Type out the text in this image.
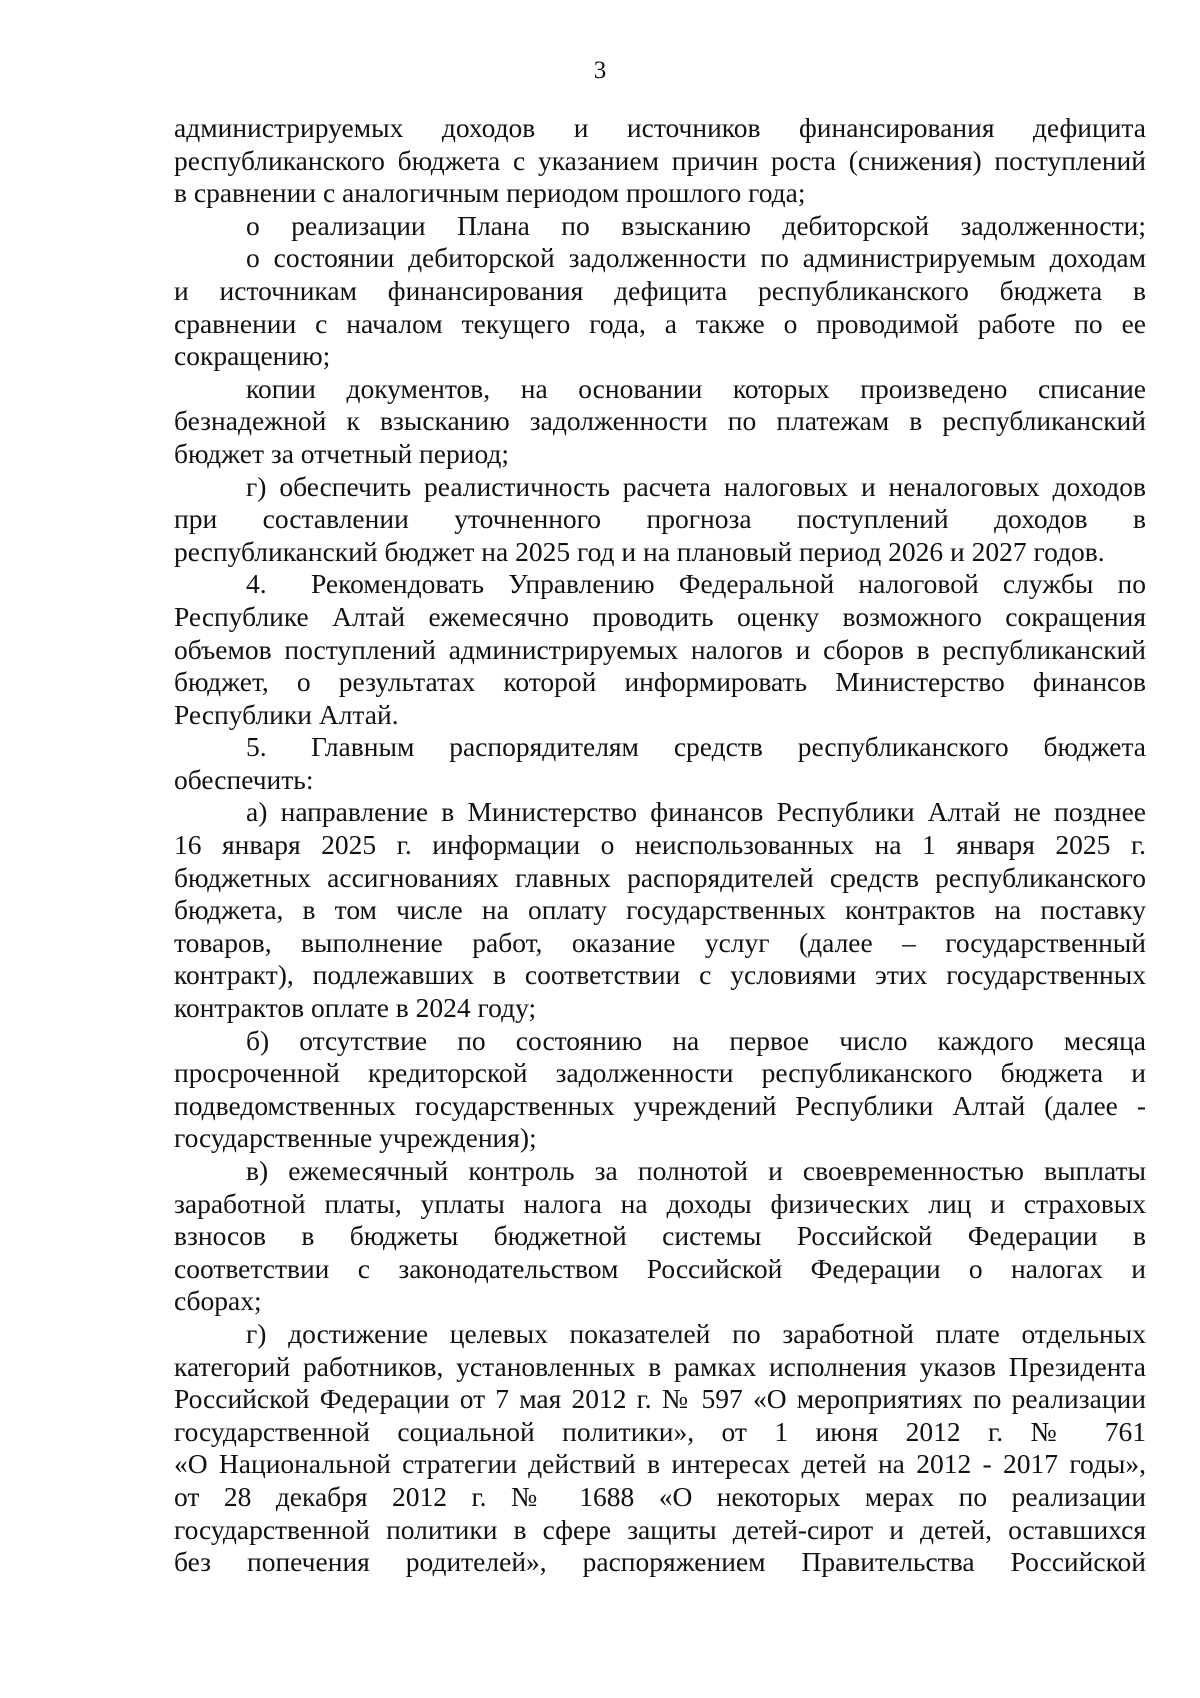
3
администрируемых доходов и источников финансирования дефицита
республиканского бюджета с указанием причин роста (снижения) поступлений
в сравнении с аналогичным периодом прошлого года;
о реализации Плана по взысканию дебиторской задолженности;
о состоянии дебиторской задолженности по администрируемым доходам
и источникам финансирования дефицита республиканского бюджета в
сравнении с началом текущего года, а также о проводимой работе по ее
сокращению;
копии документов, на основании которых произведено списание
безнадежной к взысканию задолженности по платежам в республиканский
бюджет за отчетный период;
г) обеспечить реалистичность расчета налоговых и неналоговых доходов
при составлении уточненного прогноза поступлений доходов в
республиканский бюджет на 2025 год и на плановый период 2026 и 2027 годов.
4.	Рекомендовать Управлению Федеральной налоговой службы по
Республике Алтай ежемесячно проводить оценку возможного сокращения
объемов поступлений администрируемых налогов и сборов в республиканский
бюджет, о результатах которой информировать Министерство финансов
Республики Алтай.
5.	Главным распорядителям средств республиканского бюджета
обеспечить:
а) направление в Министерство финансов Республики Алтай не позднее
16 января 2025 г. информации о неиспользованных на 1 января 2025 г.
бюджетных ассигнованиях главных распорядителей средств республиканского
бюджета, в том числе на оплату государственных контрактов на поставку
товаров, выполнение работ, оказание услуг (далее – государственный
контракт), подлежавших в соответствии с условиями этих государственных
контрактов оплате в 2024 году;
б) отсутствие по состоянию на первое число каждого месяца
просроченной кредиторской задолженности республиканского бюджета и
подведомственных государственных учреждений Республики Алтай (далее -
государственные учреждения);
в) ежемесячный контроль за полнотой и своевременностью выплаты
заработной платы, уплаты налога на доходы физических лиц и страховых
взносов в бюджеты бюджетной системы Российской Федерации в
соответствии с законодательством Российской Федерации о налогах и
сборах;
г) достижение целевых показателей по заработной плате отдельных
категорий работников, установленных в рамках исполнения указов Президента
Российской Федерации от 7 мая 2012 г. № 597 «О мероприятиях по реализации
государственной социальной политики», от 1 июня 2012 г. № 761
«О Национальной стратегии действий в интересах детей на 2012 - 2017 годы»,
от 28 декабря 2012 г. № 1688 «О некоторых мерах по реализации
государственной политики в сфере защиты детей-сирот и детей, оставшихся
без попечения родителей», распоряжением Правительства Российской
